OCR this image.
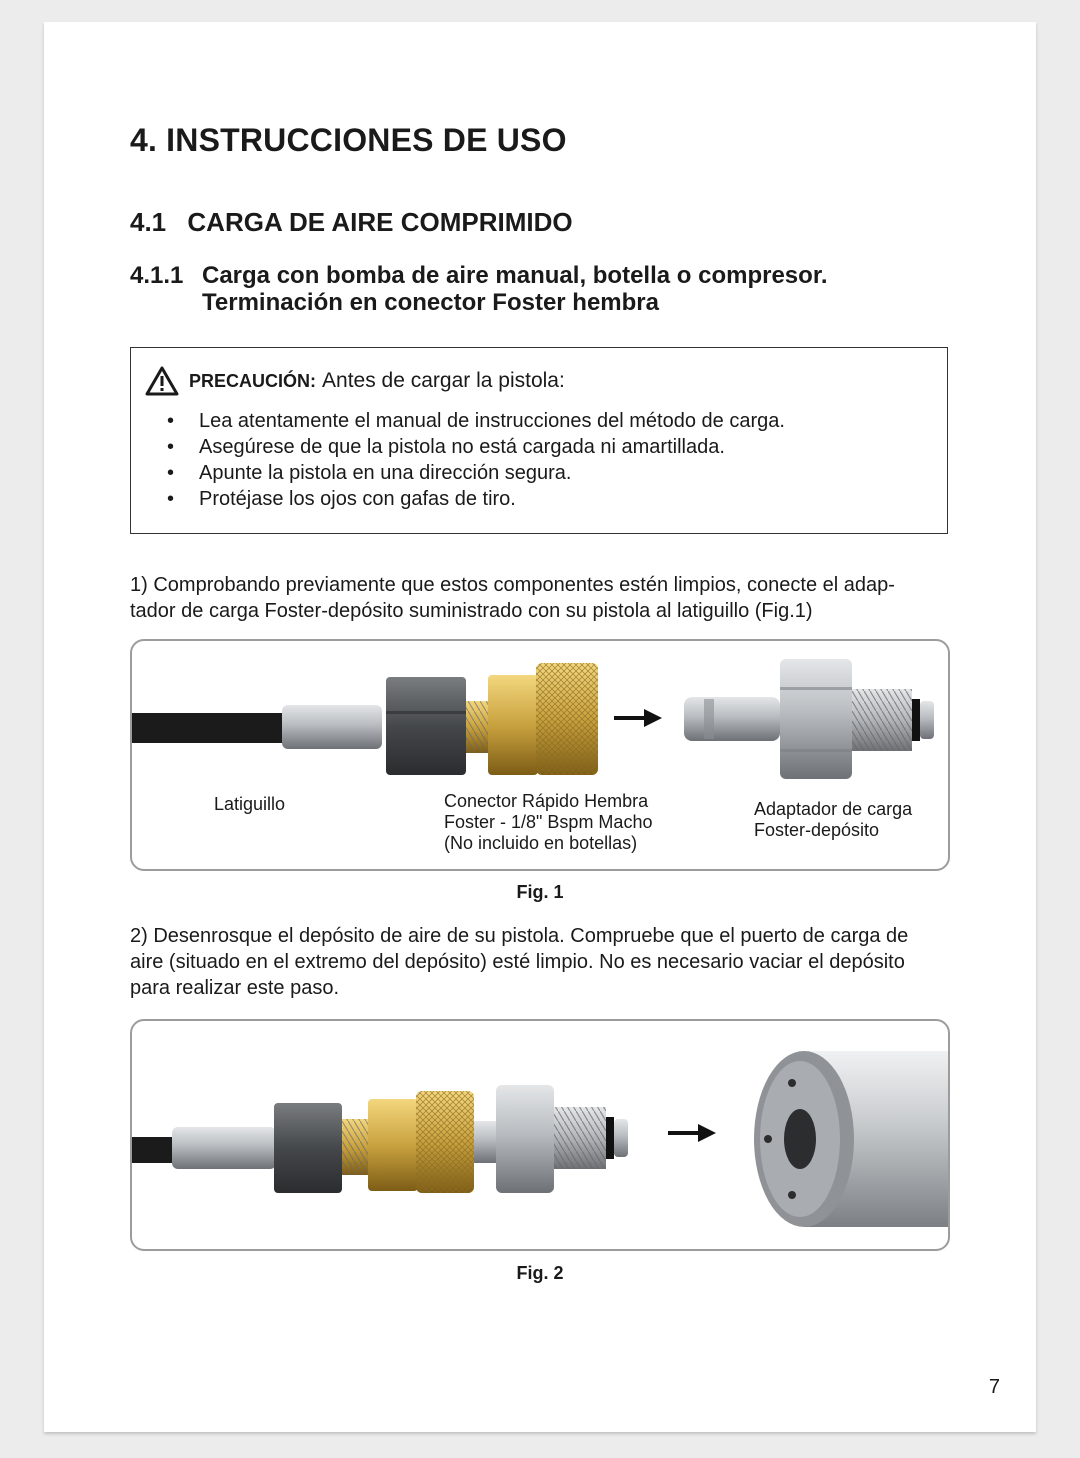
4. INSTRUCCIONES DE USO
4.1 CARGA DE AIRE COMPRIMIDO
4.1.1 Carga con bomba de aire manual, botella o compresor.
Terminación en conector Foster hembra
PRECAUCIÓN: Antes de cargar la pistola:
• Lea atentamente el manual de instrucciones del método de carga.
• Asegúrese de que la pistola no está cargada ni amartillada.
• Apunte la pistola en una dirección segura.
• Protéjase los ojos con gafas de tiro.
1) Comprobando previamente que estos componentes estén limpios, conecte el adap-
tador de carga Foster-depósito suministrado con su pistola al latiguillo (Fig.1)
Latiguillo	Conector Rápido Hembra
Foster - 1/8" Bspm Macho
(No incluido en botellas)
Adaptador de carga
Foster-depósito
Fig. 1
2) Desenrosque el depósito de aire de su pistola. Compruebe que el puerto de carga de
aire (situado en el extremo del depósito) esté limpio. No es necesario vaciar el depósito
para realizar este paso.
Fig. 2
7
